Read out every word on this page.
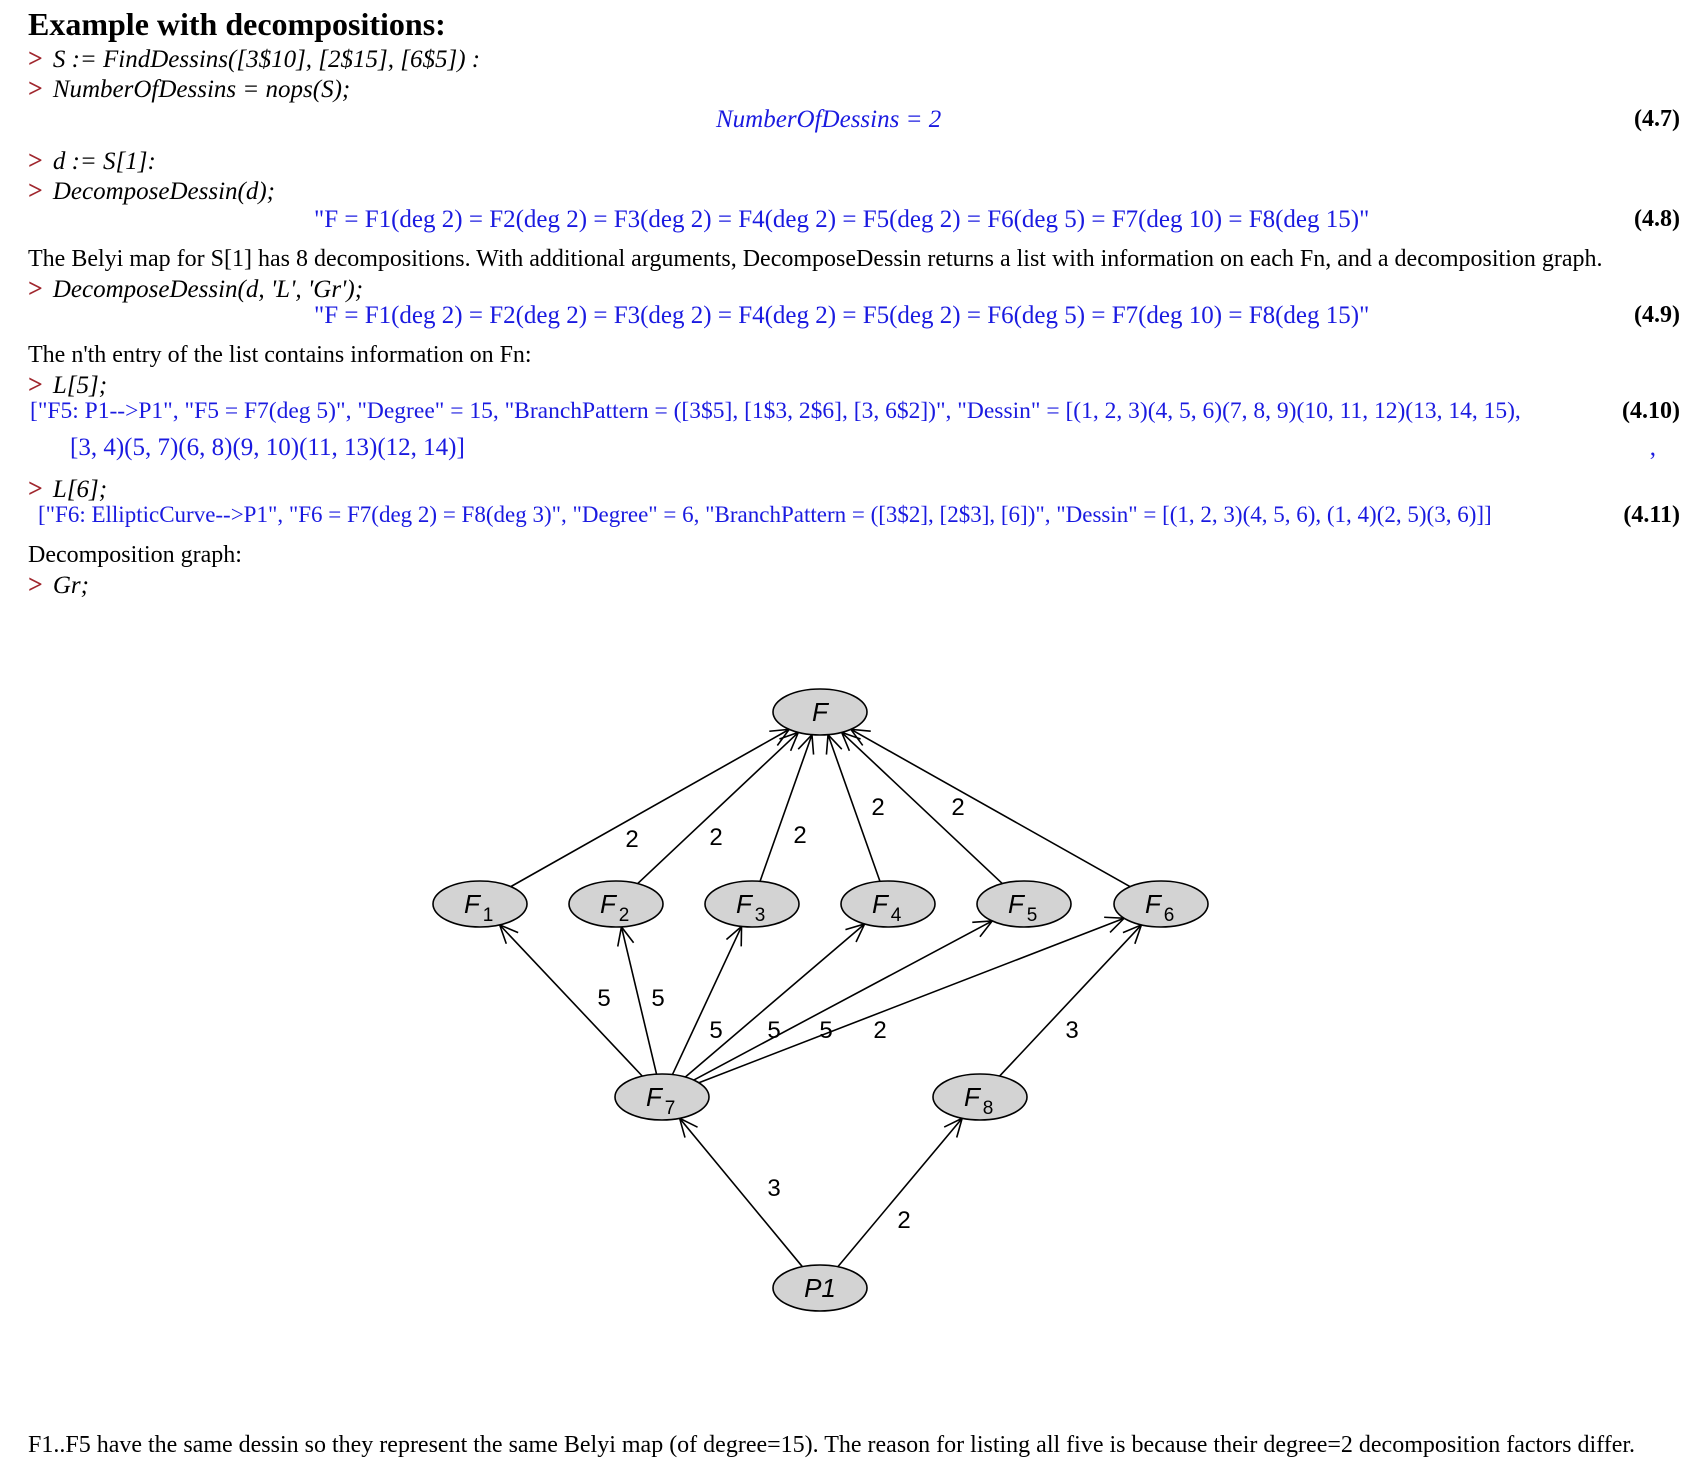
Example with decompositions:
> S := FindDessins([3$10], [2$15], [6$5]) :
> NumberOfDessins = nops(S);
NumberOfDessins = 2	(4.7)
> d := S[1]:
> DecomposeDessin(d);
"F = F1(deg 2) = F2(deg 2) = F3(deg 2) = F4(deg 2) = F5(deg 2) = F6(deg 5) = F7(deg 10) = F8(deg 15)"	(4.8)
The Belyi map for S[1] has 8 decompositions. With additional arguments, DecomposeDessin returns a list with information on each Fn, and a decomposition graph.
> DecomposeDessin(d, 'L', 'Gr');
"F = F1(deg 2) = F2(deg 2) = F3(deg 2) = F4(deg 2) = F5(deg 2) = F6(deg 5) = F7(deg 10) = F8(deg 15)"	(4.9)
The n'th entry of the list contains information on Fn:
> L[5];
["F5: P1-->P1", "F5 = F7(deg 5)", "Degree" = 15, "BranchPattern = ([3$5], [1$3, 2$6], [3, 6$2])", "Dessin" = [(1, 2, 3)(4, 5, 6)(7, 8, 9)(10, 11, 12)(13, 14, 15),	(4.10)
[3, 4)(5, 7)(6, 8)(9, 10)(11, 13)(12, 14)]	,
> L[6];
["F6: EllipticCurve-->P1", "F6 = F7(deg 2) = F8(deg 3)", "Degree" = 6, "BranchPattern = ([3$2], [2$3], [6])", "Dessin" = [(1, 2, 3)(4, 5, 6), (1, 4)(2, 5)(3, 6)]]	(4.11)
Decomposition graph:
> Gr;
2	2	2
2	2
5 5
5 5 5 2	3
3
2
F
F 1	F 2	F 3	F 4	F 5	F 6
F 7	F 8
P1
F1..F5 have the same dessin so they represent the same Belyi map (of degree=15). The reason for listing all five is because their degree=2 decomposition factors differ.
